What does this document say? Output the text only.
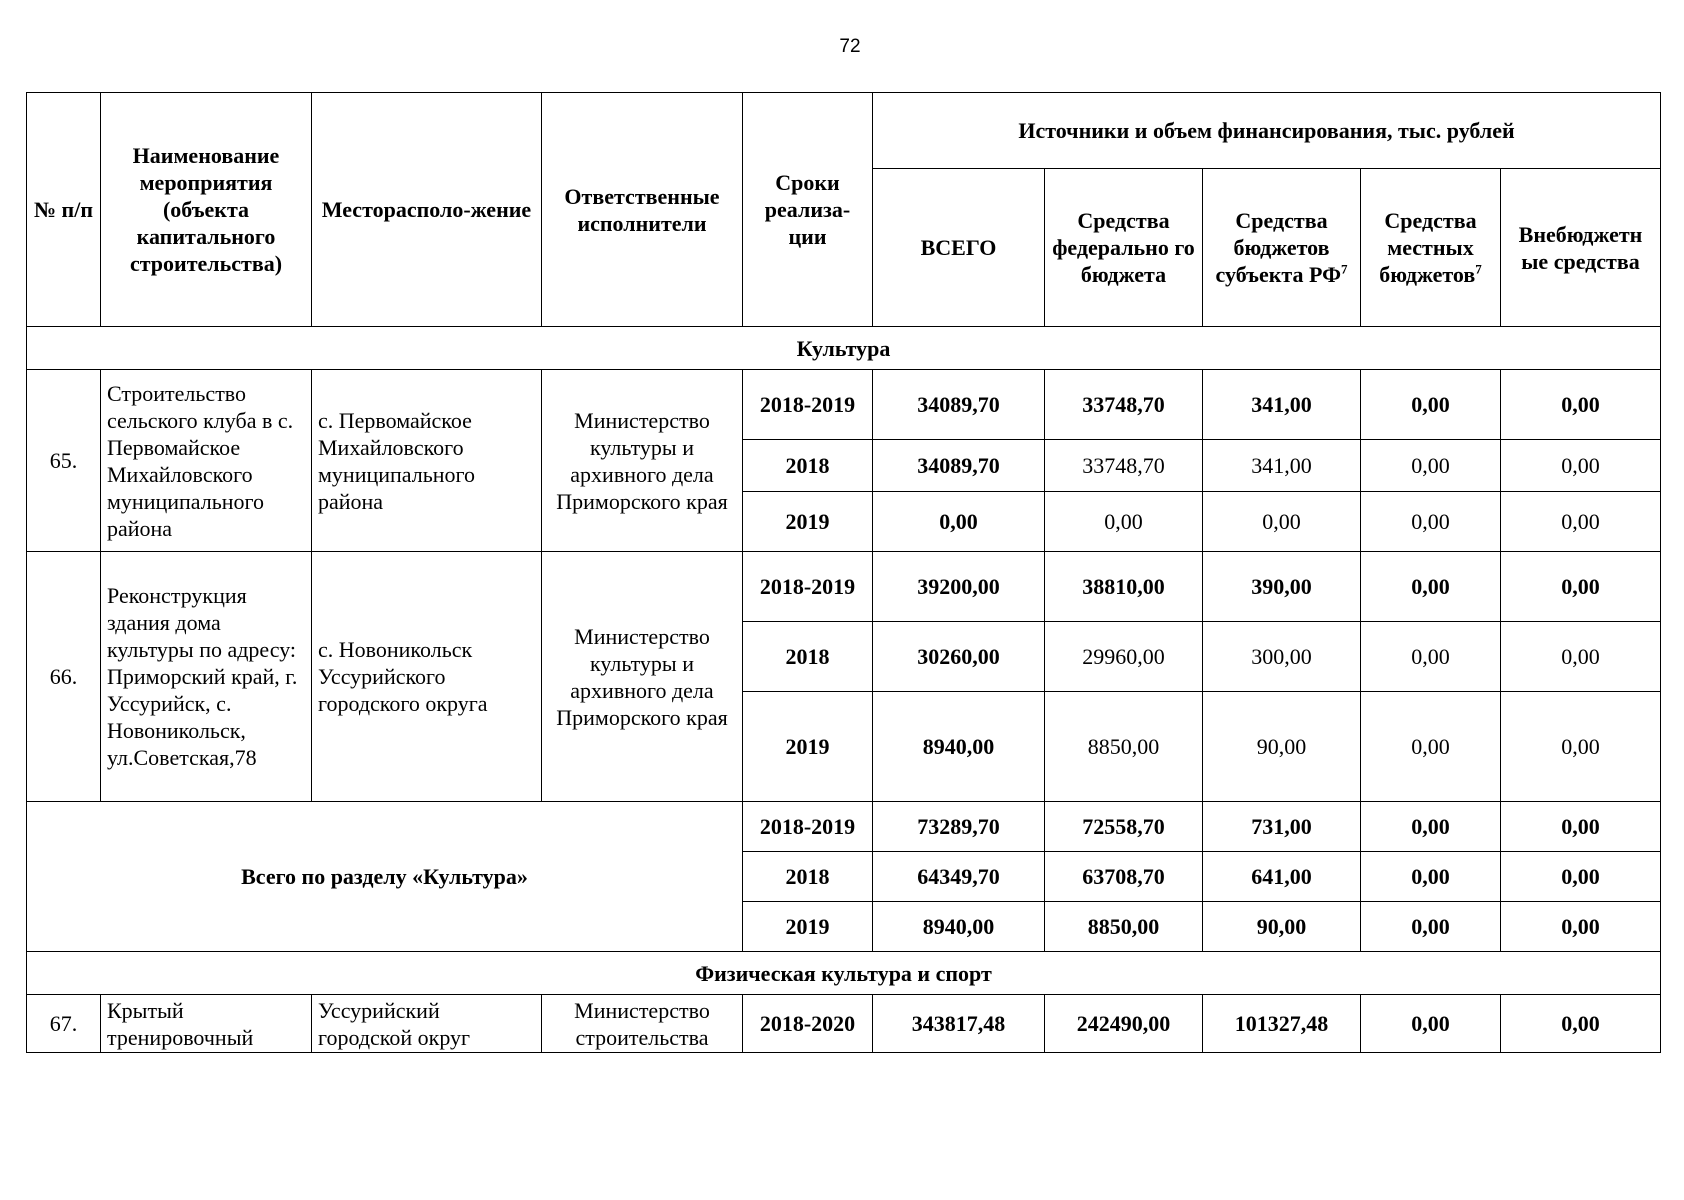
72
№ п/п	Наименование мероприятия (объекта капитального строительства)	Месторасполо-жение	Ответственные исполнители	Сроки реализа-ции	Источники и объем финансирования, тыс. рублей				
					ВСЕГО	Средства федерально го бюджета	Средства бюджетов субъекта $РФ^7$	Средства местных бюджетов$^7$	Внебюджетн ые средства
Культура									
65.	Строительство сельского клуба в с. Первомайское Михайловского муниципального района	с. Первомайское Михайловского муниципального района	Министерство культуры и архивного дела Приморского края	2018-2019	34089,70	33748,70	341,00	0,00	0,00
				2018	34089,70	33748,70	341,00	0,00	0,00
				2019	0,00	0,00	0,00	0,00	0,00
66.	Реконструкция здания дома культуры по адресу: Приморский край, г. Уссурийск, с. Новоникольск, ул.Советская,78	с. Новоникольск Уссурийского городского округа	Министерство культуры и архивного дела Приморского края	2018-2019	39200,00	38810,00	390,00	0,00	0,00
				2018	30260,00	29960,00	300,00	0,00	0,00
				2019	8940,00	8850,00	90,00	0,00	0,00
Всего по разделу «Культура»				2018-2019	73289,70	72558,70	731,00	0,00	0,00
				2018	64349,70	63708,70	641,00	0,00	0,00
				2019	8940,00	8850,00	90,00	0,00	0,00
Физическая культура и спорт									
67.	Крытый тренировочный	Уссурийский городской округ	Министерство строительства	2018-2020	343817,48	242490,00	101327,48	0,00	0,00
